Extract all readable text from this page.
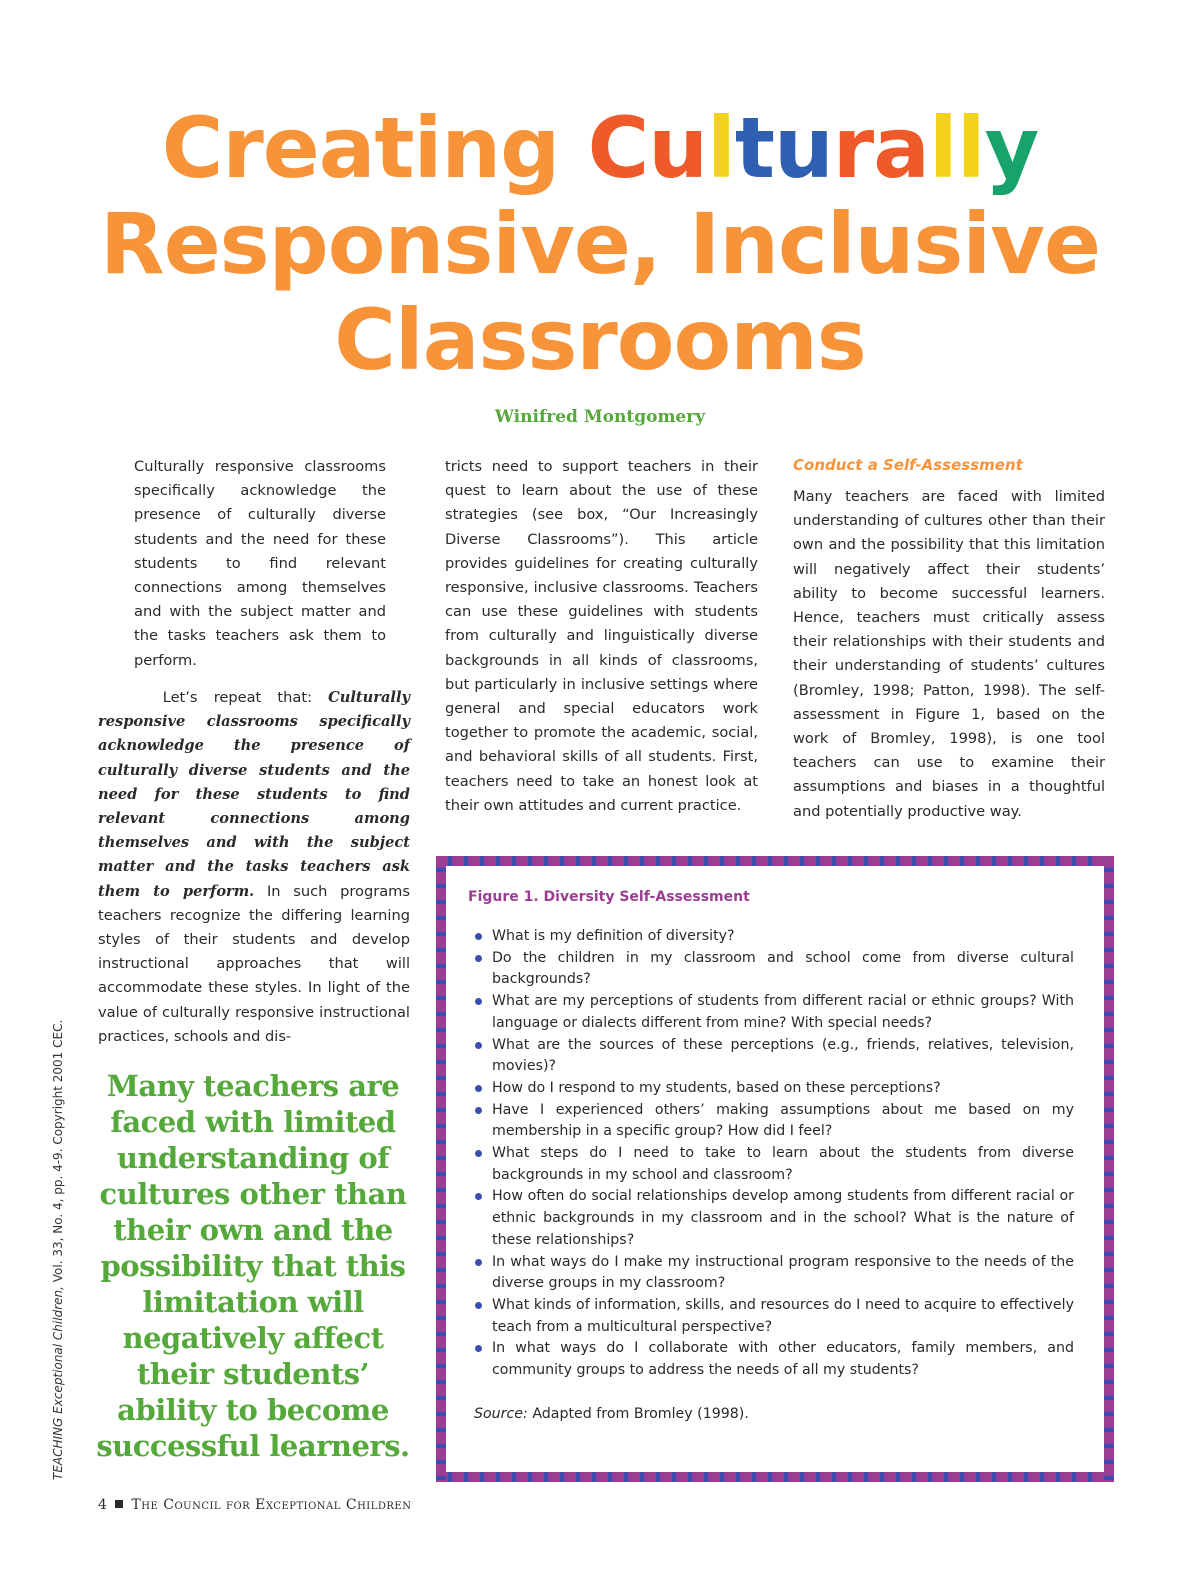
Creating Culturally
Responsive, Inclusive
Classrooms
Winifred Montgomery
Culturally responsive classrooms specifically acknowledge the presence of culturally diverse students and the need for these students to find relevant connections among themselves and with the subject matter and the tasks teachers ask them to perform.

Let’s repeat that: Culturally responsive classrooms specifically acknowledge the presence of culturally diverse students and the need for these students to find relevant connections among themselves and with the subject matter and the tasks teachers ask them to perform. In such programs teachers recognize the differing learning styles of their students and develop instructional approaches that will accommodate these styles. In light of the value of culturally responsive instructional practices, schools and dis-

tricts need to support teachers in their quest to learn about the use of these strategies (see box, “Our Increasingly Diverse Classrooms”). This article provides guidelines for creating culturally responsive, inclusive classrooms. Teachers can use these guidelines with students from culturally and linguistically diverse backgrounds in all kinds of classrooms, but particularly in inclusive settings where general and special educators work together to promote the academic, social, and behavioral skills of all students. First, teachers need to take an honest look at their own attitudes and current practice.
Conduct a Self-Assessment
Many teachers are faced with limited understanding of cultures other than their own and the possibility that this limitation will negatively affect their students’ ability to become successful learners. Hence, teachers must critically assess their relationships with their students and their understanding of students’ cultures (Bromley, 1998; Patton, 1998). The self-assessment in Figure 1, based on the work of Bromley, 1998), is one tool teachers can use to examine their assumptions and biases in a thoughtful and potentially productive way.
Many teachers are faced with limited understanding of cultures other than their own and the possibility that this limitation will negatively affect their students’ ability to become successful learners.
TEACHING Exceptional Children, Vol. 33, No. 4, pp. 4-9. Copyright 2001 CEC.
Figure 1. Diversity Self-Assessment
What is my definition of diversity?
Do the children in my classroom and school come from diverse cultural backgrounds?
What are my perceptions of students from different racial or ethnic groups? With language or dialects different from mine? With special needs?
What are the sources of these perceptions (e.g., friends, relatives, television, movies)?
How do I respond to my students, based on these perceptions?
Have I experienced others’ making assumptions about me based on my membership in a specific group? How did I feel?
What steps do I need to take to learn about the students from diverse backgrounds in my school and classroom?
How often do social relationships develop among students from different racial or ethnic backgrounds in my classroom and in the school? What is the nature of these relationships?
In what ways do I make my instructional program responsive to the needs of the diverse groups in my classroom?
What kinds of information, skills, and resources do I need to acquire to effectively teach from a multicultural perspective?
In what ways do I collaborate with other educators, family members, and community groups to address the needs of all my students?
Source: Adapted from Bromley (1998).
4 The Council for Exceptional Children
